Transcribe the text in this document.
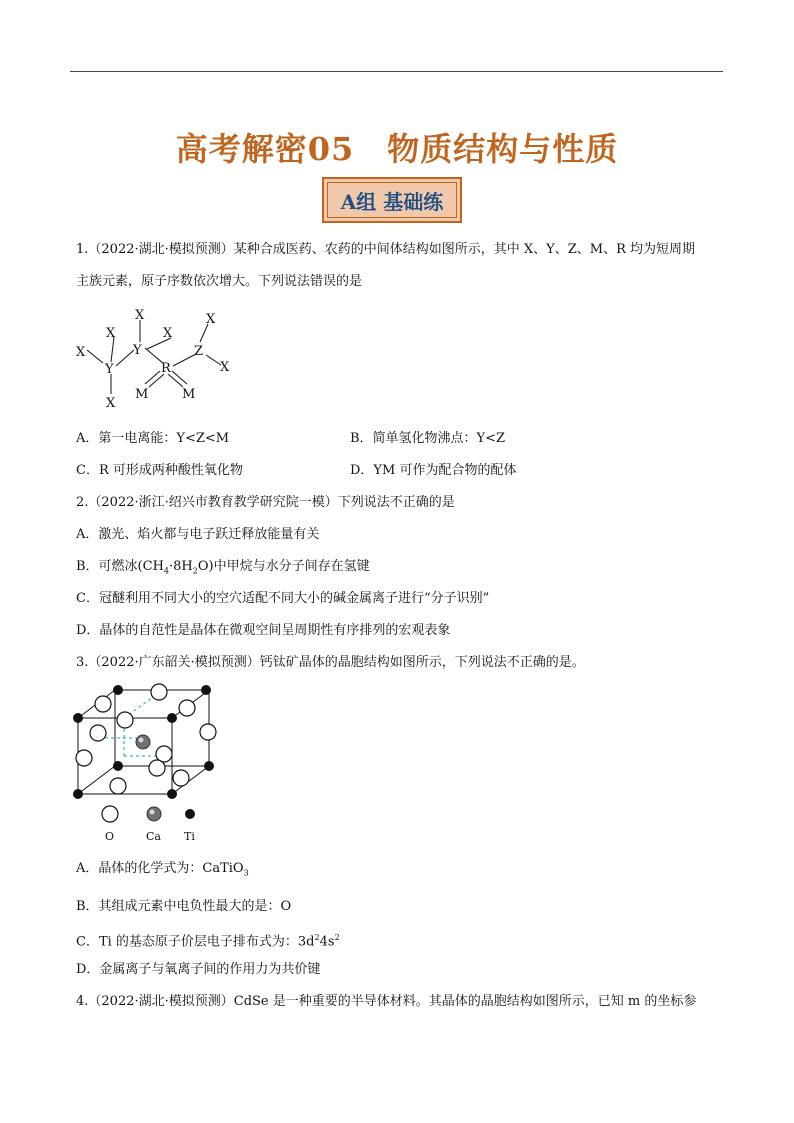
高考解密05　物质结构与性质
A组 基础练
1.（2022·湖北·模拟预测）某种合成医药、农药的中间体结构如图所示，其中 X、Y、Z、M、R 均为短周期
主族元素，原子序数依次增大。下列说法错误的是
X
X
X
X
X
X
X
Y
Y	R
Z
M	M
A．第一电离能：Y<Z<M	B．简单氢化物沸点：Y<Z
C．R 可形成两种酸性氧化物	D．YM 可作为配合物的配体
2.（2022·浙江·绍兴市教育教学研究院一模）下列说法不正确的是
A．激光、焰火都与电子跃迁释放能量有关
B．可燃冰$(CH_4\cdot 8H_2O)$中甲烷与水分子间存在氢键
C．冠醚利用不同大小的空穴适配不同大小的碱金属离子进行“分子识别”
D．晶体的自范性是晶体在微观空间呈周期性有序排列的宏观表象
3.（2022·广东韶关·模拟预测）钙钛矿晶体的晶胞结构如图所示，下列说法不正确的是。
O	Ca Ti
A．晶体的化学式为：CaTiO$_3$
B．其组成元素中电负性最大的是：O
C．Ti 的基态原子价层电子排布式为：$3d^24s^2$
D．金属离子与氧离子间的作用力为共价键
4.（2022·湖北·模拟预测）CdSe 是一种重要的半导体材料。其晶体的晶胞结构如图所示，已知 m 的坐标参
